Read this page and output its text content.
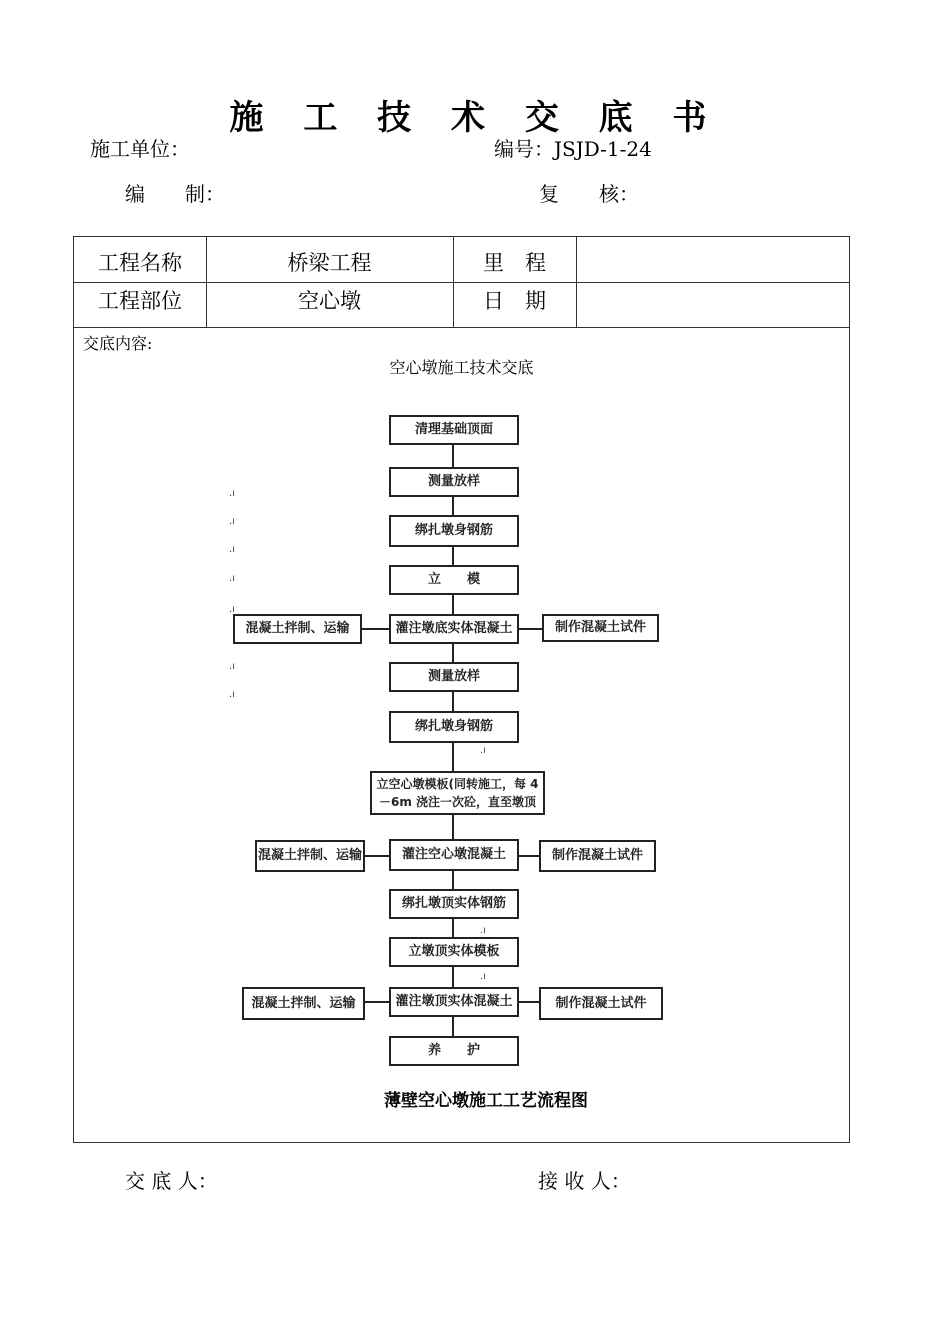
施 工 技 术 交 底 书
施工单位：	编号：JSJD-1-24
编　　制：	复　　核：
工程名称	桥梁工程	里　程
工程部位	空心墩	日　期
交底内容:
空心墩施工技术交底
清理基础顶面
测量放样
绑扎墩身钢筋
立　　模
灌注墩底实体混凝土
测量放样
绑扎墩身钢筋
立空心墩模板(同转施工，每 4－6m 浇注一次砼，直至墩顶
灌注空心墩混凝土
绑扎墩顶实体钢筋
立墩顶实体模板
灌注墩顶实体混凝土
养　　护
混凝土拌制、运输
混凝土拌制、运输
混凝土拌制、运输
制作混凝土试件
制作混凝土试件
制作混凝土试件
.ı
.ı
.ı
.ı
.ı
.ı
.ı
.ı
.ı
.ı
薄壁空心墩施工工艺流程图
交 底 人：	接 收 人：
